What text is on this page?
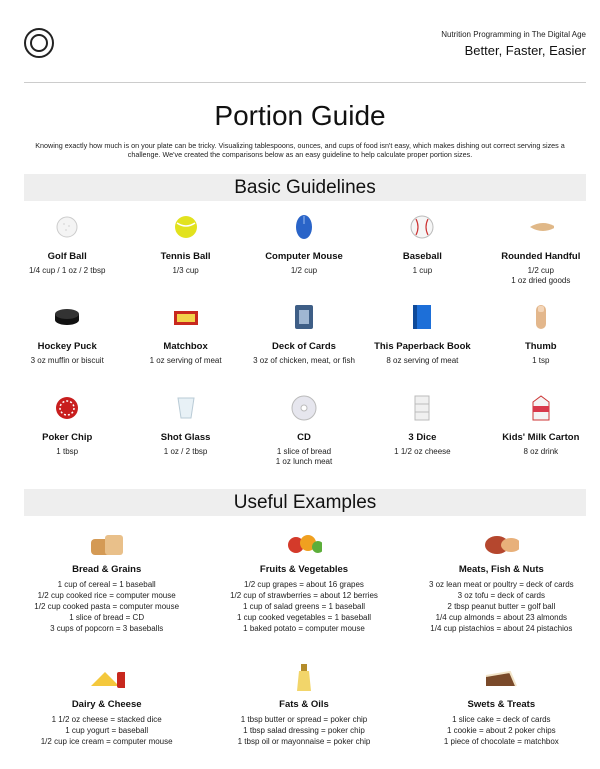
Nutrition Programming in The Digital Age
Better, Faster, Easier
Portion Guide
Knowing exactly how much is on your plate can be tricky. Visualizing tablespoons, ounces, and cups of food isn't easy, which makes dishing out correct serving sizes a challenge. We've created the comparisons below as an easy guideline to help calculate proper portion sizes.
Basic Guidelines
Golf Ball
1/4 cup / 1 oz / 2 tbsp
Tennis Ball
1/3 cup
Computer Mouse
1/2 cup
Baseball
1 cup
Rounded Handful
1/2 cup
1 oz dried goods
Hockey Puck
3 oz muffin or biscuit
Matchbox
1 oz serving of meat
Deck of Cards
3 oz of chicken, meat, or fish
This Paperback Book
8 oz serving of meat
Thumb
1 tsp
Poker Chip
1 tbsp
Shot Glass
1 oz / 2 tbsp
CD
1 slice of bread
1 oz lunch meat
3 Dice
1 1/2 oz cheese
Kids' Milk Carton
8 oz drink
Useful Examples
Bread & Grains
1 cup of cereal = 1 baseball
1/2 cup cooked rice = computer mouse
1/2 cup cooked pasta = computer mouse
1 slice of bread = CD
3 cups of popcorn = 3 baseballs
Fruits & Vegetables
1/2 cup grapes = about 16 grapes
1/2 cup of strawberries = about 12 berries
1 cup of salad greens = 1 baseball
1 cup cooked vegetables = 1 baseball
1 baked potato = computer mouse
Meats, Fish & Nuts
3 oz lean meat or poultry = deck of cards
3 oz tofu = deck of cards
2 tbsp peanut butter = golf ball
1/4 cup almonds = about 23 almonds
1/4 cup pistachios = about 24 pistachios
Dairy & Cheese
1 1/2 oz cheese = stacked dice
1 cup yogurt = baseball
1/2 cup ice cream = computer mouse
Fats & Oils
1 tbsp butter or spread = poker chip
1 tbsp salad dressing = poker chip
1 tbsp oil or mayonnaise = poker chip
Swets & Treats
1 slice cake = deck of cards
1 cookie = about 2 poker chips
1 piece of chocolate = matchbox
